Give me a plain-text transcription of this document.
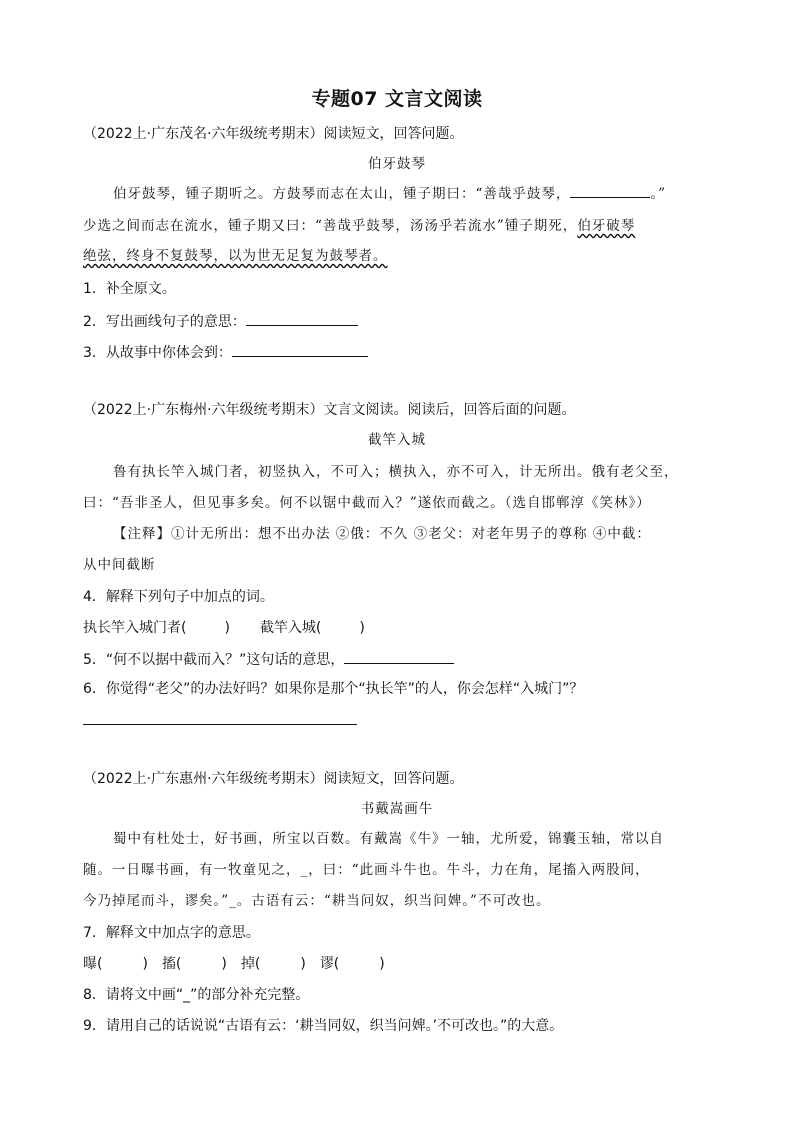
专题07 文言文阅读
（2022上·广东茂名·六年级统考期末）阅读短文，回答问题。
伯牙鼓琴
伯牙鼓琴，锺子期听之。方鼓琴而志在太山，锺子期曰：“善哉乎鼓琴，	。”
少选之间而志在流水，锺子期又曰：“善哉乎鼓琴，汤汤乎若流水”锺子期死，伯牙破琴
绝弦，终身不复鼓琴，以为世无足复为鼓琴者。
1．补全原文。
2．写出画线句子的意思：
3．从故事中你体会到：
（2022上·广东梅州·六年级统考期末）文言文阅读。阅读后，回答后面的问题。
截竿入城
鲁有执长竿入城门者，初竖执入，不可入；横执入，亦不可入，计无所出。俄有老父至，
曰：“吾非圣人，但见事多矣。何不以锯中截而入？”遂依而截之。（选自邯郸淳《笑林》）
【注释】①计无所出：想不出办法 ②俄：不久 ③老父：对老年男子的尊称 ④中截：
从中间截断
4．解释下列句子中加点的词。
执长竿入城门者(	) 截竿入城(	)
5．“何不以据中截而入？”这句话的意思，
6．你觉得“老父”的办法好吗？如果你是那个“执长竿”的人，你会怎样“入城门”？
（2022上·广东惠州·六年级统考期末）阅读短文，回答问题。
书戴嵩画牛
蜀中有杜处士，好书画，所宝以百数。有戴嵩《牛》一轴，尤所爱，锦囊玉轴，常以自
随。一日曝书画，有一牧童见之，_，曰：“此画斗牛也。牛斗，力在角，尾搐入两股间，
今乃掉尾而斗，谬矣。”_。古语有云：“耕当问奴，织当问婢。”不可改也。
7．解释文中加点字的意思。
曝(	) 搐(	) 掉(	) 谬(	)
8．请将文中画“_”的部分补充完整。
9．请用自己的话说说“古语有云：‘耕当同奴，织当问婢。’不可改也。”的大意。
